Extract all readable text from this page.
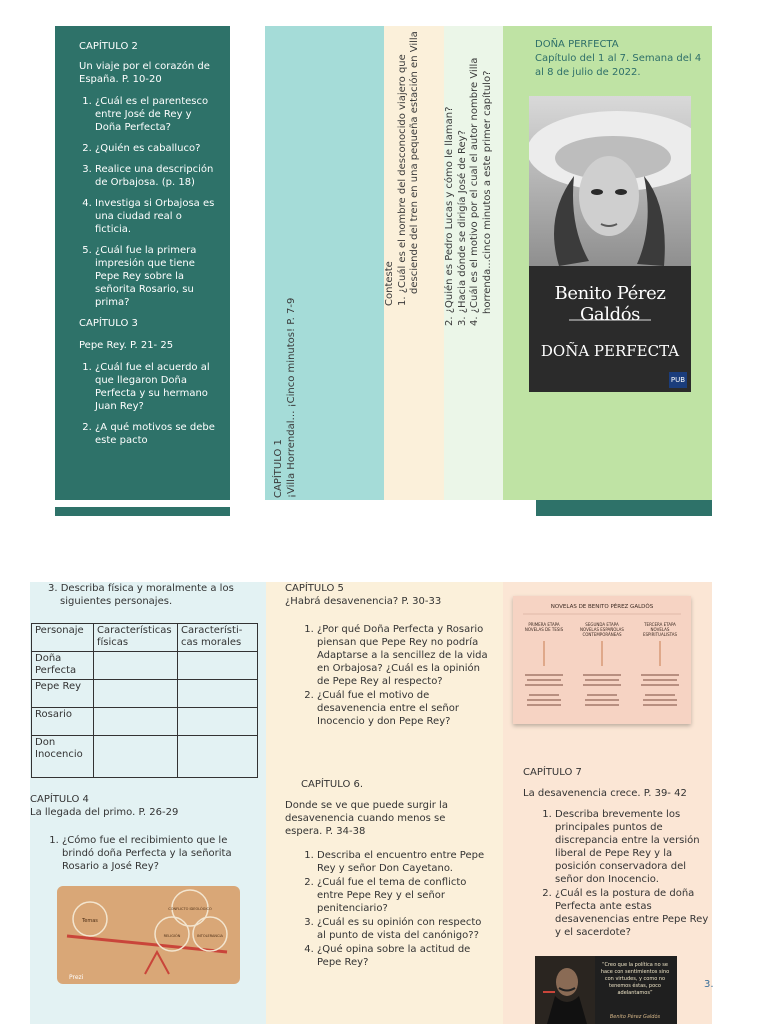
CAPÍTULO 2
Un viaje por el corazón de España. P. 10-20
1. ¿Cuál es el parentesco entre José de Rey y Doña Perfecta?
2. ¿Quién es caballuco?
3. Realice una descripción de Orbajosa. (p. 18)
4. Investiga si Orbajosa es una ciudad real o ficticia.
5. ¿Cuál fue la primera impresión que tiene Pepe Rey sobre la señorita Rosario, su prima?
CAPÍTULO 3
Pepe Rey. P. 21- 25
1. ¿Cuál fue el acuerdo al que llegaron Doña Perfecta y su hermano Juan Rey?
2. ¿A qué motivos se debe este pacto	CAPÍTULO 1 ¡Villa Horrendal… ¡Cinco minutos! P. 7-9
Conteste 1. ¿Cuál es el nombre del desconocido viajero que desciende del tren en una pequeña estación en Villa 2. ¿Quién es Pedro Lucas y cómo le llaman? 3. ¿Hacia dónde se dirigía José de Rey? 4. ¿Cuál es el motivo por el cual el autor nombre Villa horrenda...cinco minutos a este primer capítulo?
DOÑA PERFECTA
Capítulo del 1 al 7. Semana del 4 al 8 de julio de 2022.
Benito Pérez Galdós
DOÑA PERFECTA
PUB
3. Describa física y moralmente a los siguientes personajes.
Personaje	Características físicas	Característi- cas morales
Doña Perfecta		
Pepe Rey		
Rosario		
Don Inocencio		
CAPÍTULO 4
La llegada del primo. P. 26-29
1. ¿Cómo fue el recibimiento que le brindó doña Perfecta y la señorita Rosario a José Rey?
Temas
CONFLICTO IDEOLÓGICO
RELIGIÓN	INTOLERANCIA
Prezi
CAPÍTULO 5
¿Habrá desavenencia? P. 30-33
1. ¿Por qué Doña Perfecta y Rosario piensan que Pepe Rey no podría Adaptarse a la sencillez de la vida en Orbajosa? ¿Cuál es la opinión de Pepe Rey al respecto?
2. ¿Cuál fue el motivo de desavenencia entre el señor Inocencio y don Pepe Rey?
CAPÍTULO 6.
Donde se ve que puede surgir la desavenencia cuando menos se espera. P. 34-38
1. Describa el encuentro entre Pepe Rey y señor Don Cayetano.
2. ¿Cuál fue el tema de conflicto entre Pepe Rey y el señor penitenciario?
3. ¿Cuál es su opinión con respecto al punto de vista del canónigo??
4. ¿Qué opina sobre la actitud de Pepe Rey?
NOVELAS DE BENITO PÉREZ GALDÓS
PRIMERA ETAPA NOVELAS DE TESIS
SEGUNDA ETAPA NOVELAS ESPAÑOLAS CONTEMPORÁNEAS
TERCERA ETAPA NOVELAS ESPIRITUALISTAS
CAPÍTULO 7
La desavenencia crece. P. 39- 42
1. Describa brevemente los principales puntos de discrepancia entre la versión liberal de Pepe Rey y la posición conservadora del señor don Inocencio.
2. ¿Cuál es la postura de doña Perfecta ante estas desavenencias entre Pepe Rey y el sacerdote?
“Creo que la política no se hace con sentimientos sino con virtudes, y como no tenemos éstas, poco adelantamos”
Benito Pérez Galdós
3.
